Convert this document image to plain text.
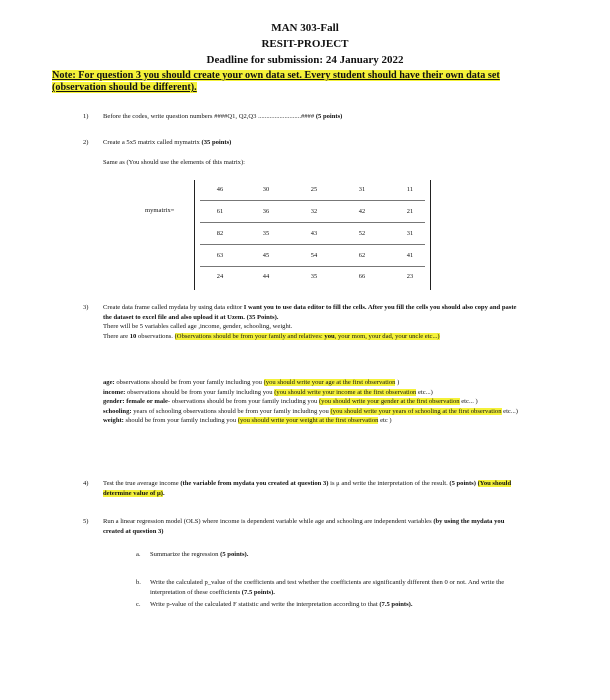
MAN 303-Fall
RESIT-PROJECT
Deadline for submission: 24 January 2022
Note: For question 3 you should create your own data set. Every student should have their own data set (observation should be different).
1) Before the codes, write question numbers ####Q1, Q2,Q3 ..........................#### (5 points)
2) Create a 5x5 matrix called mymatrix (35 points)
Same as (You should use the elements of this matrix):
mymatrix=
46	30	25	31	11
61	36	32	42	21
82	35	43	52	31
63	45	54	62	41
24	44	35	66	23
3) Create data frame called mydata by using data editor I want you to use data editor to fill the cells. After you fill the cells you should also copy and paste the dataset to excel file and also upload it at Uzem. (35 Points).
There will be 5 variables called age ,income, gender, schooling, weight.
There are 10 observations. (Observations should be from your family and relatives: you, your mom, your dad, your uncle etc...)
age: observations should be from your family including you (you should write your age at the first observation )
income: observations should be from your family including you (you should write your income at the first observation etc...)
gender: female or male- observations should be from your family including you (you should write your gender at the first observation etc... )
schooling: years of schooling observations should be from your family including you (you should write your years of schooling at the first observation etc...)
weight: should be from your family including you (you should write your weight at the first observation etc )
4) Test the true average income (the variable from mydata you created at question 3) is μ and write the interpretation of the result. (5 points) (You should determine value of μ).
5) Run a linear regression model (OLS) where income is dependent variable while age and schooling are independent variables (by using the mydata you created at question 3)
a. Summarize the regression (5 points).
b. Write the calculated p_value of the coefficients and test whether the coefficients are significantly different then 0 or not. And write the interpretation of these coefficients (7.5 points).
c. Write p-value of the calculated F statistic and write the interpretation according to that (7.5 points).
